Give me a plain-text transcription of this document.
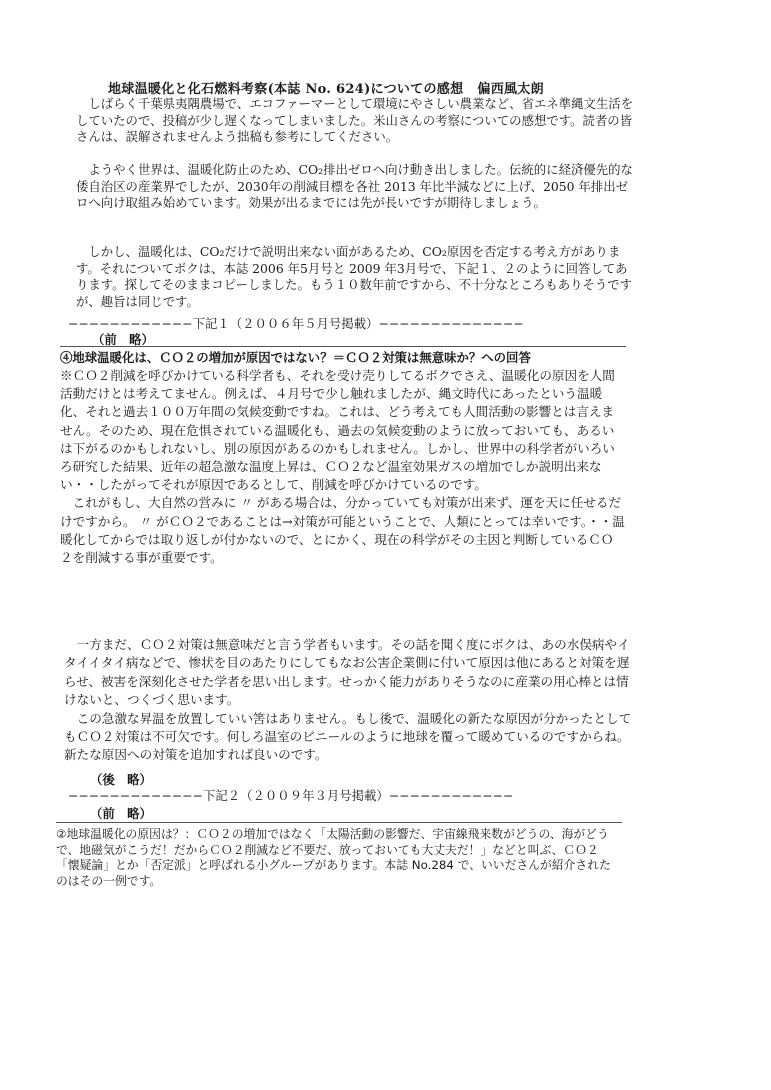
地球温暖化と化石燃料考察(本誌 No. 624)についての感想 偏西風太朗

しばらく千葉県夷隅農場で、エコファーマーとして環境にやさしい農業など、省エネ準縄文生活をしていたので、投稿が少し遅くなってしまいました。米山さんの考察についての感想です。読者の皆さんは、誤解されませんよう拙稿も参考にしてください。

ようやく世界は、温暖化防止のため、CO₂排出ゼロへ向け動き出しました。伝統的に経済優先的な倭自治区の産業界でしたが、2030年の削減目標を各社 2013 年比半減などに上げ、2050 年排出ゼロへ向け取組み始めています。効果が出るまでには先が長いですが期待しましょう。

しかし、温暖化は、CO₂だけで説明出来ない面があるため、CO₂原因を否定する考え方があります。それについてボクは、本誌 2006 年5月号と 2009 年3月号で、下記１、２のように回答してあります。探してそのままコピーしました。もう１０数年前ですから、不十分なところもありそうですが、趣旨は同じです。

−−−−−−−−−−−−下記１（２００６年５月号掲載）−−−−−−−−−−−−−−
（前　略）
④地球温暖化は、ＣＯ２の増加が原因ではない？＝ＣＯ２対策は無意味か？への回答

※ＣＯ２削減を呼びかけている科学者も、それを受け売りしてるボクでさえ、温暖化の原因を人間活動だけとは考えてません。例えば、４月号で少し触れましたが、縄文時代にあったという温暖化、それと過去１００万年間の気候変動ですね。これは、どう考えても人間活動の影響とは言えません。そのため、現在危惧されている温暖化も、過去の気候変動のように放っておいても、あるいは下がるのかもしれないし、別の原因があるのかもしれません。しかし、世界中の科学者がいろいろ研究した結果、近年の超急激な温度上昇は、ＣＯ２など温室効果ガスの増加でしか説明出来ない・・したがってそれが原因であるとして、削減を呼びかけているのです。

これがもし、大自然の営みに 〃 がある場合は、分かっていても対策が出来ず、運を天に任せるだけですから。 〃 がＣＯ２であることは→対策が可能ということで、人類にとっては幸いです。・・温暖化してからでは取り返しが付かないので、とにかく、現在の科学がその主因と判断しているＣＯ２を削減する事が重要です。

一方まだ、ＣＯ２対策は無意味だと言う学者もいます。その話を聞く度にボクは、あの水俣病やイタイイタイ病などで、惨状を目のあたりにしてもなお公害企業側に付いて原因は他にあると対策を遅らせ、被害を深刻化させた学者を思い出します。せっかく能力がありそうなのに産業の用心棒とは情けないと、つくづく思います。

この急激な昇温を放置していい筈はありません。もし後で、温暖化の新たな原因が分かったとしてもＣＯ２対策は不可欠です。何しろ温室のビニールのように地球を覆って暖めているのですからね。新たな原因への対策を追加すれば良いのです。

（後　略）
−−−−−−−−−−−−−下記２（２００９年３月号掲載）−−−−−−−−−−−−
（前　略）

②地球温暖化の原因は？：ＣＯ２の増加ではなく「太陽活動の影響だ、宇宙線飛来数がどうの、海がどうで、地磁気がこうだ！だからＣＯ２削減など不要だ、放っておいても大丈夫だ！」などと叫ぶ、ＣＯ２「懐疑論」とか「否定派」と呼ばれる小グループがあります。本誌 No.284 で、いいださんが紹介されたのはその一例です。
